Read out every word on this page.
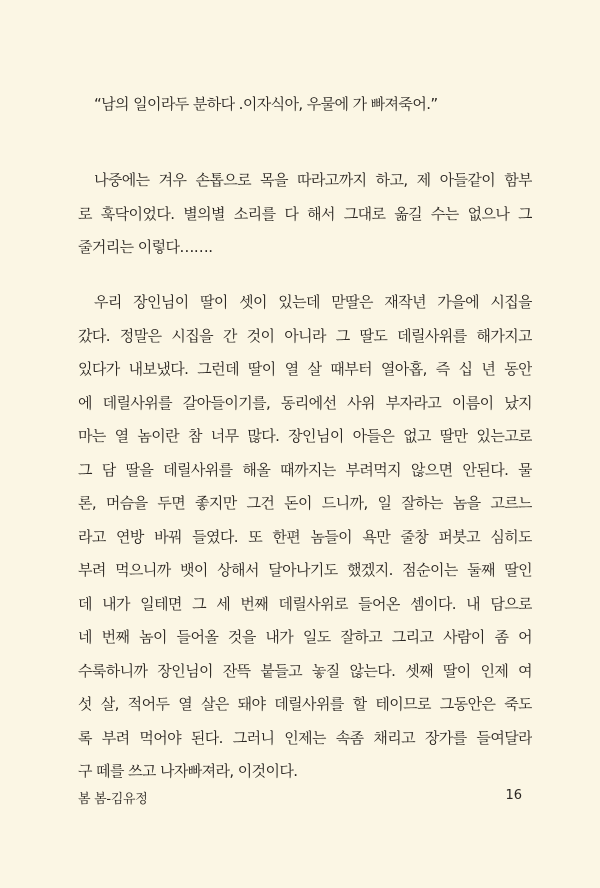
“남의 일이라두 분하다 .이자식아, 우물에 가 빠져죽어.”
나중에는 겨우 손톱으로 목을 따라고까지 하고, 제 아들같이 함부
로 훅닥이었다. 별의별 소리를 다 해서 그대로 옮길 수는 없으나 그
줄거리는 이렇다…….
우리 장인님이 딸이 셋이 있는데 맏딸은 재작년 가을에 시집을
갔다. 정말은 시집을 간 것이 아니라 그 딸도 데릴사위를 해가지고
있다가 내보냈다. 그런데 딸이 열 살 때부터 열아홉, 즉 십 년 동안
에 데릴사위를 갈아들이기를, 동리에선 사위 부자라고 이름이 났지
마는 열 놈이란 참 너무 많다. 장인님이 아들은 없고 딸만 있는고로
그 담 딸을 데릴사위를 해올 때까지는 부려먹지 않으면 안된다. 물
론, 머슴을 두면 좋지만 그건 돈이 드니까, 일 잘하는 놈을 고르느
라고 연방 바꿔 들였다. 또 한편 놈들이 욕만 줄창 퍼붓고 심히도
부려 먹으니까 뱃이 상해서 달아나기도 했겠지. 점순이는 둘째 딸인
데 내가 일테면 그 세 번째 데릴사위로 들어온 셈이다. 내 담으로
네 번째 놈이 들어올 것을 내가 일도 잘하고 그리고 사람이 좀 어
수룩하니까 장인님이 잔뜩 붙들고 놓질 않는다. 셋째 딸이 인제 여
섯 살, 적어두 열 살은 돼야 데릴사위를 할 테이므로 그동안은 죽도
록 부려 먹어야 된다. 그러니 인제는 속좀 채리고 장가를 들여달라
구 떼를 쓰고 나자빠져라, 이것이다.
봄 봄-김유정	16
